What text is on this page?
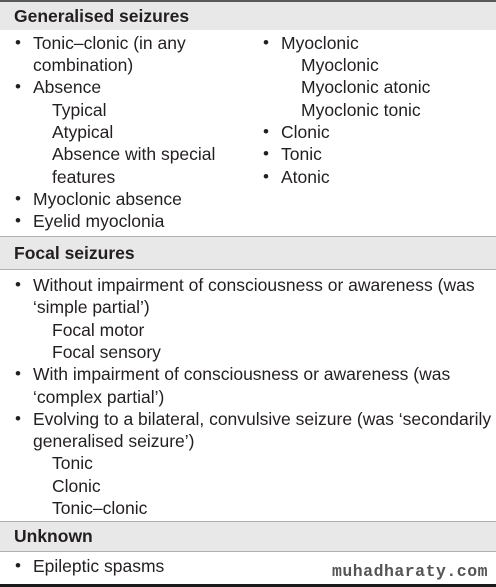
Generalised seizures
• Tonic–clonic (in any
combination)
• Absence
Typical
Atypical
Absence with special
features
• Myoclonic absence
• Eyelid myoclonia
• Myoclonic
Myoclonic
Myoclonic atonic
Myoclonic tonic
• Clonic
• Tonic
• Atonic
Focal seizures
• Without impairment of consciousness or awareness (was
‘simple partial’)
Focal motor
Focal sensory
• With impairment of consciousness or awareness (was
‘complex partial’)
• Evolving to a bilateral, convulsive seizure (was ‘secondarily
generalised seizure’)
Tonic
Clonic
Tonic–clonic
Unknown
• Epileptic spasms	muhadharaty.com
